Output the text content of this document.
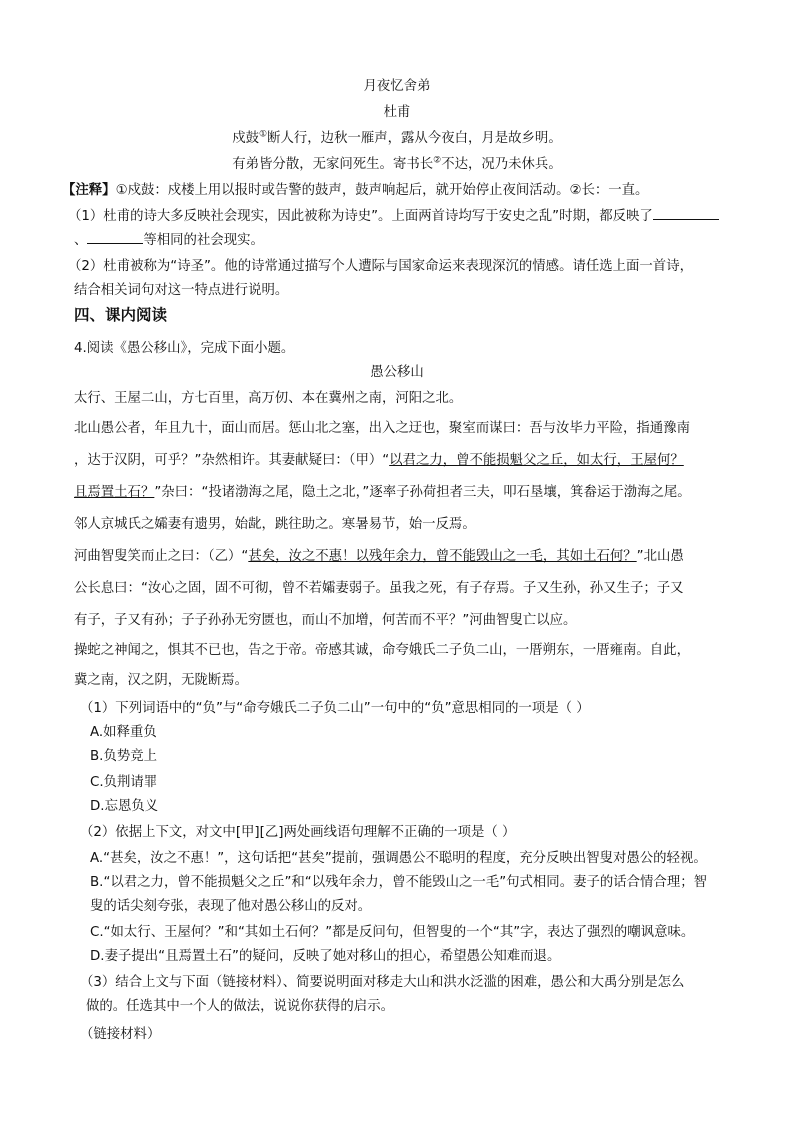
月夜忆舍弟
杜甫
戍鼓①断人行，边秋一雁声，露从今夜白，月是故乡明。
有弟皆分散，无家问死生。寄书长②不达，况乃未休兵。
【注释】①戍鼓：戍楼上用以报时或告警的鼓声，鼓声响起后，就开始停止夜间活动。②长：一直。
（1）杜甫的诗大多反映社会现实，因此被称为诗史”。上面两首诗均写于安史之乱”时期，都反映了
、	等相同的社会现实。
（2）杜甫被称为“诗圣”。他的诗常通过描写个人遭际与国家命运来表现深沉的情感。请任选上面一首诗，
结合相关词句对这一特点进行说明。
四、课内阅读
4.阅读《愚公移山》，完成下面小题。
愚公移山
太行、王屋二山，方七百里，高万仞、本在冀州之南，河阳之北。
北山愚公者，年且九十，面山而居。惩山北之塞，出入之迂也，聚室而谋曰：吾与汝毕力平险，指通豫南
，达于汉阴，可乎？”杂然相许。其妻献疑曰：（甲）“以君之力，曾不能损魁父之丘，如太行，王屋何？
且焉置土石？”杂曰：“投诸渤海之尾，隐土之北，”逐率子孙荷担者三夫，叩石垦壤，箕畚运于渤海之尾。
邻人京城氏之孀妻有遗男，始龀，跳往助之。寒暑易节，始一反焉。
河曲智叟笑而止之曰：（乙）“甚矣，汝之不惠！以残年余力，曾不能毁山之一毛，其如土石何？”北山愚
公长息曰：“汝心之固，固不可彻，曾不若孀妻弱子。虽我之死，有子存焉。子又生孙，孙又生子；子又
有子，子又有孙；子子孙孙无穷匮也，而山不加增，何苦而不平？”河曲智叟亡以应。
操蛇之神闻之，惧其不已也，告之于帝。帝感其诚，命夸娥氏二子负二山，一厝朔东，一厝雍南。自此，
冀之南，汉之阴，无陇断焉。
（1）下列词语中的“负”与“命夸娥氏二子负二山”一句中的“负”意思相同的一项是（ ）
A.如释重负
B.负势竞上
C.负荆请罪
D.忘恩负义
（2）依据上下文，对文中[甲][乙]两处画线语句理解不正确的一项是（ ）
A.“甚矣，汝之不惠！”，这句话把“甚矣”提前，强调愚公不聪明的程度，充分反映出智叟对愚公的轻视。
B.“以君之力，曾不能损魁父之丘”和“以残年余力，曾不能毁山之一毛”句式相同。妻子的话合情合理；智
叟的话尖刻夸张，表现了他对愚公移山的反对。
C.“如太行、王屋何？”和“其如土石何？”都是反问句，但智叟的一个“其”字，表达了强烈的嘲讽意味。
D.妻子提出“且焉置土石”的疑问，反映了她对移山的担心，希望愚公知难而退。
（3）结合上文与下面（链接材料）、简要说明面对移走大山和洪水泛滥的困难，愚公和大禹分别是怎么
做的。任选其中一个人的做法，说说你获得的启示。
（链接材料）
